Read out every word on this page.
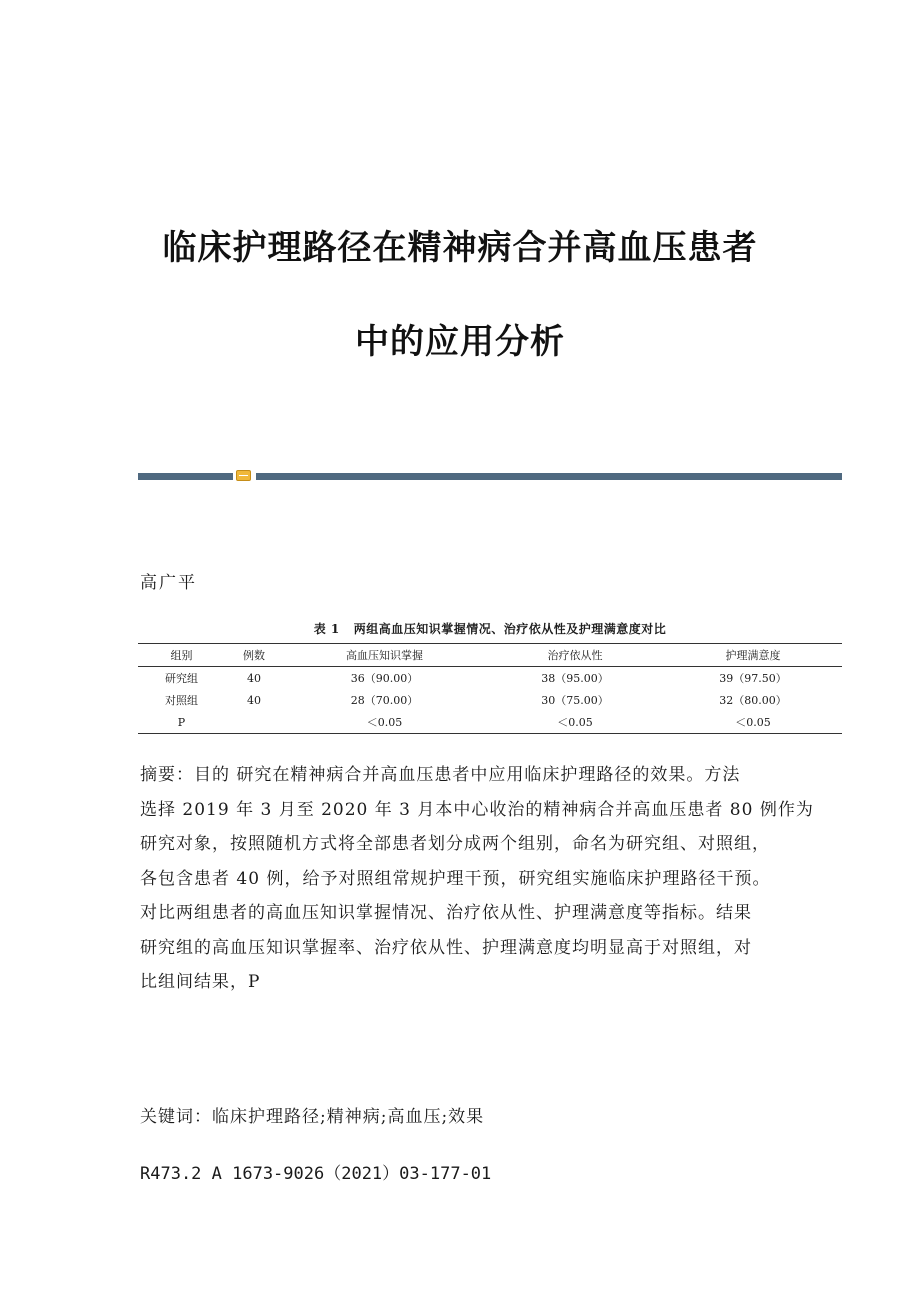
临床护理路径在精神病合并高血压患者
中的应用分析
高广平
表 1 两组高血压知识掌握情况、治疗依从性及护理满意度对比
组别	例数	高血压知识掌握	治疗依从性	护理满意度
研究组	40	36（90.00）	38（95.00）	39（97.50）
对照组	40	28（70.00）	30（75.00）	32（80.00）
P		＜0.05	＜0.05	＜0.05
摘要：目的 研究在精神病合并高血压患者中应用临床护理路径的效果。方法
选择 2019 年 3 月至 2020 年 3 月本中心收治的精神病合并高血压患者 80 例作为
研究对象，按照随机方式将全部患者划分成两个组别，命名为研究组、对照组，
各包含患者 40 例，给予对照组常规护理干预，研究组实施临床护理路径干预。
对比两组患者的高血压知识掌握情况、治疗依从性、护理满意度等指标。结果
研究组的高血压知识掌握率、治疗依从性、护理满意度均明显高于对照组，对
比组间结果，P
关键词：临床护理路径;精神病;高血压;效果
R473.2 A 1673-9026（2021）03-177-01
